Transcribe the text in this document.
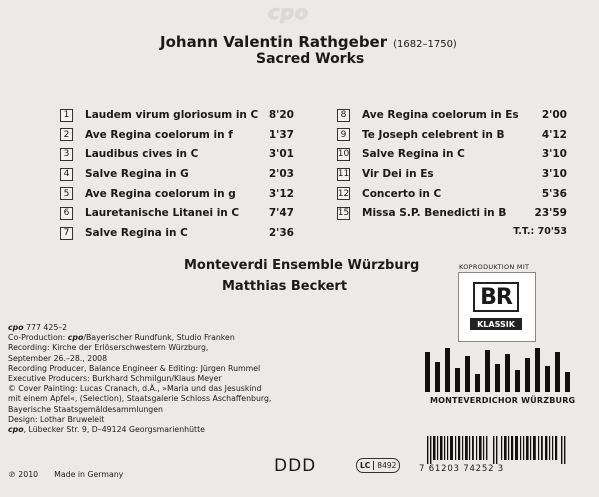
cpo
Johann Valentin Rathgeber (1682–1750)
Sacred Works
1	Laudem virum gloriosum in C 8'20
2	Ave Regina coelorum in f	1'37
3	Laudibus cives in C	3'01
4	Salve Regina in G	2'03
5	Ave Regina coelorum in g	3'12
6	Lauretanische Litanei in C	7'47
7	Salve Regina in C	2'36
8	Ave Regina coelorum in Es 2'00
9	Te Joseph celebrent in B	4'12
10 Salve Regina in C	3'10
11 Vir Dei in Es	3'10
12 Concerto in C	5'36
15 Missa S.P. Benedicti in B	23'59
T.T.: 70'53
Monteverdi Ensemble Würzburg
Matthias Beckert
KOPRODUKTION MIT
BR
KLASSIK
MONTEVERDICHOR WÜRZBURG
cpo 777 425–2
Co-Production: cpo/Bayerischer Rundfunk, Studio Franken
Recording: Kirche der Erlöserschwestern Würzburg,
September 26.–28., 2008
Recording Producer, Balance Engineer & Editing: Jürgen Rummel
Executive Producers: Burkhard Schmilgun/Klaus Meyer
© Cover Painting: Lucas Cranach, d.Ä., »Maria und das Jesuskind
mit einem Apfel«, (Selection), Staatsgalerie Schloss Aschaffenburg,
Bayerische Staatsgemäldesammlungen
Design: Lothar Bruweleit
cpo, Lübecker Str. 9, D–49124 Georgsmarienhütte
℗ 2010 Made in Germany	DDD	LC 8492	7 61203 74252 3
